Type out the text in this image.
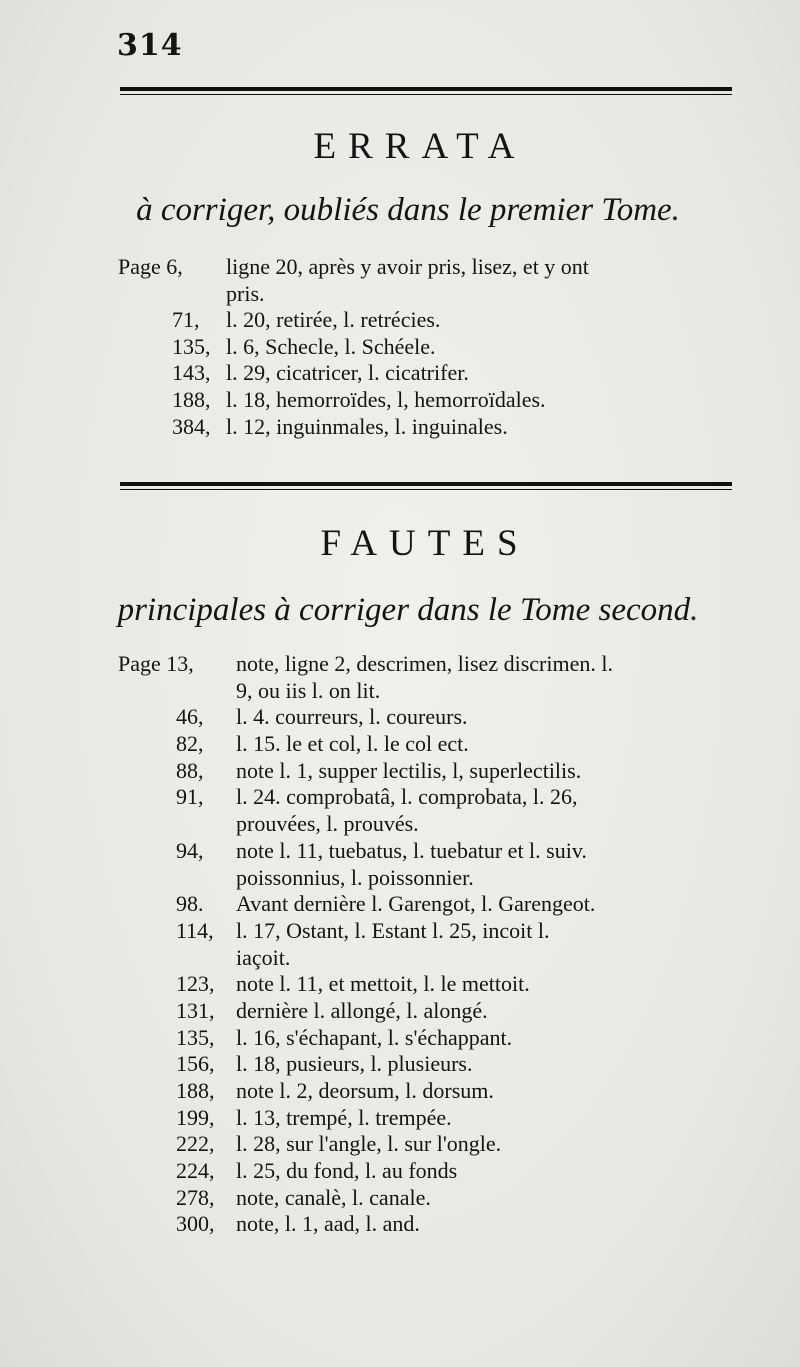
314
ERRATA
à corriger, oubliés dans le premier Tome.
Page 6, ligne 20, après y avoir pris, lisez, et y ont
pris.
71, l. 20, retirée, l. retrécies.
135, l. 6, Schecle, l. Schéele.
143, l. 29, cicatricer, l. cicatrifer.
188, l. 18, hemorroïdes, l, hemorroïdales.
384, l. 12, inguinmales, l. inguinales.
FAUTES
principales à corriger dans le Tome second.
Page 13, note, ligne 2, descrimen, lisez discrimen. l.
9, ou iis l. on lit.
46, l. 4. courreurs, l. coureurs.
82, l. 15. le et col, l. le col ect.
88, note l. 1, supper lectilis, l, superlectilis.
91, l. 24. comprobatâ, l. comprobata, l. 26,
prouvées, l. prouvés.
94, note l. 11, tuebatus, l. tuebatur et l. suiv.
poissonnius, l. poissonnier.
98. Avant dernière l. Garengot, l. Garengeot.
114, l. 17, Ostant, l. Estant l. 25, incoit l.
iaçoit.
123, note l. 11, et mettoit, l. le mettoit.
131, dernière l. allongé, l. alongé.
135, l. 16, s'échapant, l. s'échappant.
156, l. 18, pusieurs, l. plusieurs.
188, note l. 2, deorsum, l. dorsum.
199, l. 13, trempé, l. trempée.
222, l. 28, sur l'angle, l. sur l'ongle.
224, l. 25, du fond, l. au fonds
278, note, canalè, l. canale.
300, note, l. 1, aad, l. and.
